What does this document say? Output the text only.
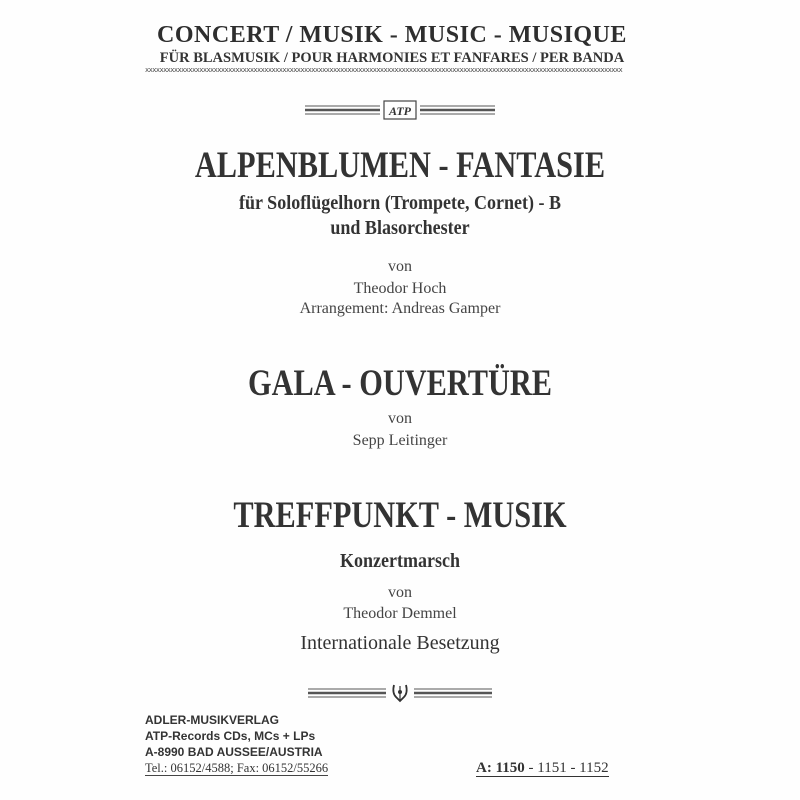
CONCERT / MUSIK - MUSIC - MUSIQUE
FÜR BLASMUSIK / POUR HARMONIES ET FANFARES / PER BANDA
xxxxxxxxxxxxxxxxxxxxxxxxxxxxxxxxxxxxxxxxxxxxxxxxxxxxxxxxxxxxxxxxxxxxxxxxxxxxxxxxxxxxxxxxxxxxxxxxxxxxxxxxxxxxxxxxxxxxxxxxxxxxxxxxxxxx
ATP
ALPENBLUMEN - FANTASIE
für Soloflügelhorn (Trompete, Cornet) - B
und Blasorchester
von
Theodor Hoch
Arrangement: Andreas Gamper
GALA - OUVERTÜRE
von
Sepp Leitinger
TREFFPUNKT - MUSIK
Konzertmarsch
von
Theodor Demmel
Internationale Besetzung
ADLER-MUSIKVERLAG
ATP-Records CDs, MCs + LPs
A-8990 BAD AUSSEE/AUSTRIA
Tel.: 06152/4588; Fax: 06152/55266	A: 1150 - 1151 - 1152
